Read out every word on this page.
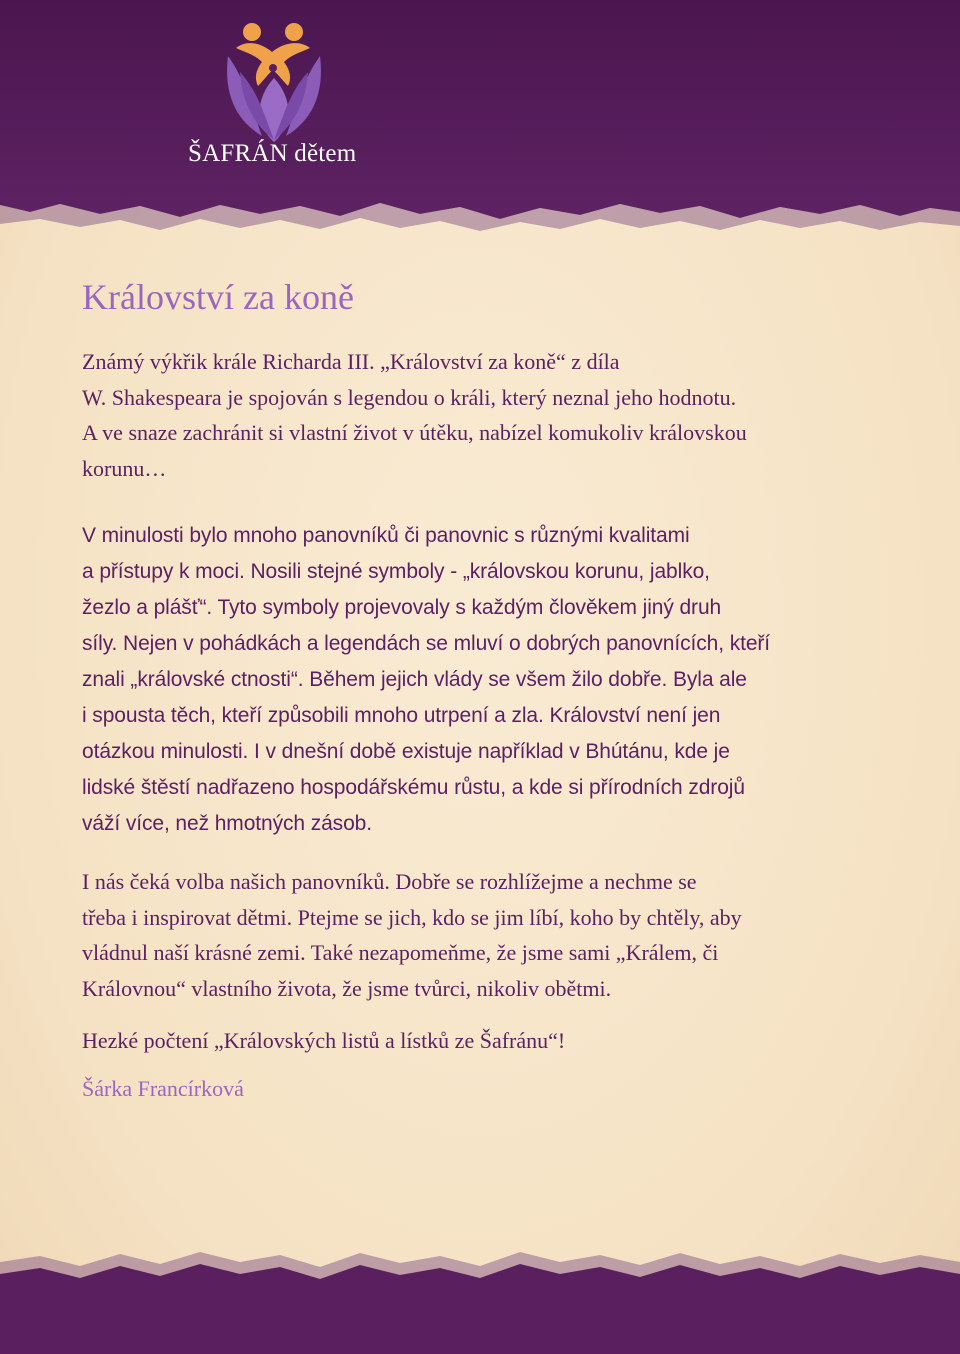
ŠAFRÁN dětem
Království za koně

Známý výkřik krále Richarda III. „Království za koně“ z díla
W. Shakespeara je spojován s legendou o králi, který neznal jeho hodnotu.
A ve snaze zachránit si vlastní život v útěku, nabízel komukoliv královskou
korunu…

V minulosti bylo mnoho panovníků či panovnic s různými kvalitami
a přístupy k moci. Nosili stejné symboly - „královskou korunu, jablko,
žezlo a plášť“. Tyto symboly projevovaly s každým člověkem jiný druh
síly. Nejen v pohádkách a legendách se mluví o dobrých panovnících, kteří
znali „královské ctnosti“. Během jejich vlády se všem žilo dobře. Byla ale
i spousta těch, kteří způsobili mnoho utrpení a zla. Království není jen
otázkou minulosti. I v dnešní době existuje například v Bhútánu, kde je
lidské štěstí nadřazeno hospodářskému růstu, a kde si přírodních zdrojů
váží více, než hmotných zásob.

I nás čeká volba našich panovníků. Dobře se rozhlížejme a nechme se
třeba i inspirovat dětmi. Ptejme se jich, kdo se jim líbí, koho by chtěly, aby
vládnul naší krásné zemi. Také nezapomeňme, že jsme sami „Králem, či
Královnou“ vlastního života, že jsme tvůrci, nikoliv obětmi.

Hezké počtení „Královských listů a lístků ze Šafránu“!

Šárka Francírková
